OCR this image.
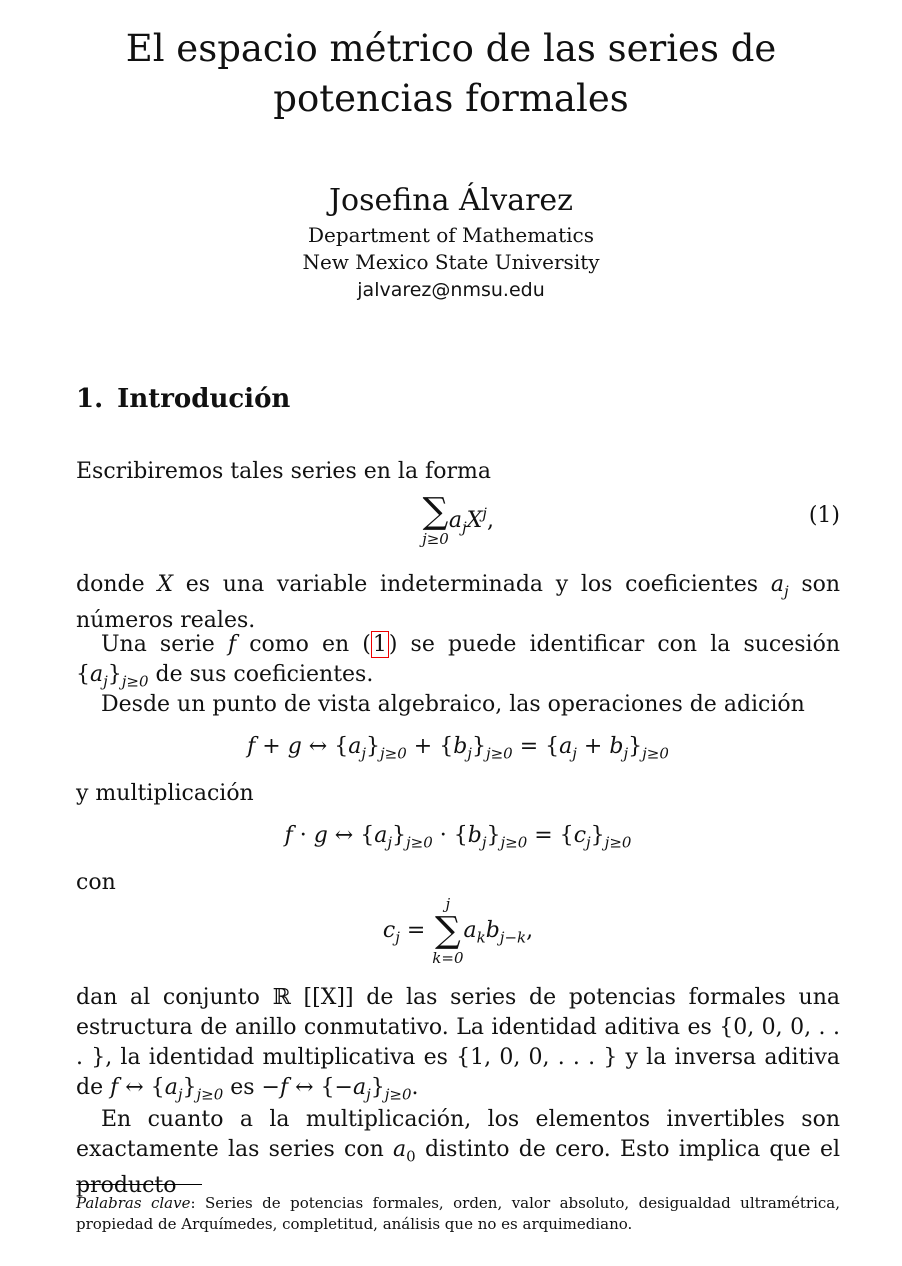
El espacio métrico de las series de
potencias formales
Josefina Álvarez
Department of Mathematics
New Mexico State University
jalvarez@nmsu.edu
1. Introdución
Escribiremos tales series en la forma
∑
j≥0
$a_jX^j$,	(1)
donde X es una variable indeterminada y los coeficientes $a_j$ son números reales.
Una serie f como en (1) se puede identificar con la sucesión $\{a_j\}_{j\ge 0}$ de sus coeficientes.
Desde un punto de vista algebraico, las operaciones de adición
f + g ↔ $\{a_j\}_{j\ge 0} + \{b_j\}_{j\ge 0} = \{a_j + b_j\}_{j\ge 0}$
y multiplicación
f · g ↔ $\{a_j\}_{j\ge 0} \cdot \{b_j\}_{j\ge 0} = \{c_j\}_{j\ge 0}$
con
$c_j$ =
j
∑
k=0
$a_kb_{j-k}$,
dan al conjunto ℝ [[X]] de las series de potencias formales una estructura de anillo conmutativo. La identidad aditiva es {0, 0, 0, . . . }, la identidad multiplicativa es {1, 0, 0, . . . } y la inversa aditiva de f ↔ $\{a_j\}_{j\ge 0}$ es −f ↔ $\{-a_j\}_{j\ge 0}$.
En cuanto a la multiplicación, los elementos invertibles son exactamente las series con $a_0$ distinto de cero. Esto implica que el producto
Palabras clave: Series de potencias formales, orden, valor absoluto, desigualdad ultramétrica, propiedad de Arquímedes, completitud, análisis que no es arquimediano.
